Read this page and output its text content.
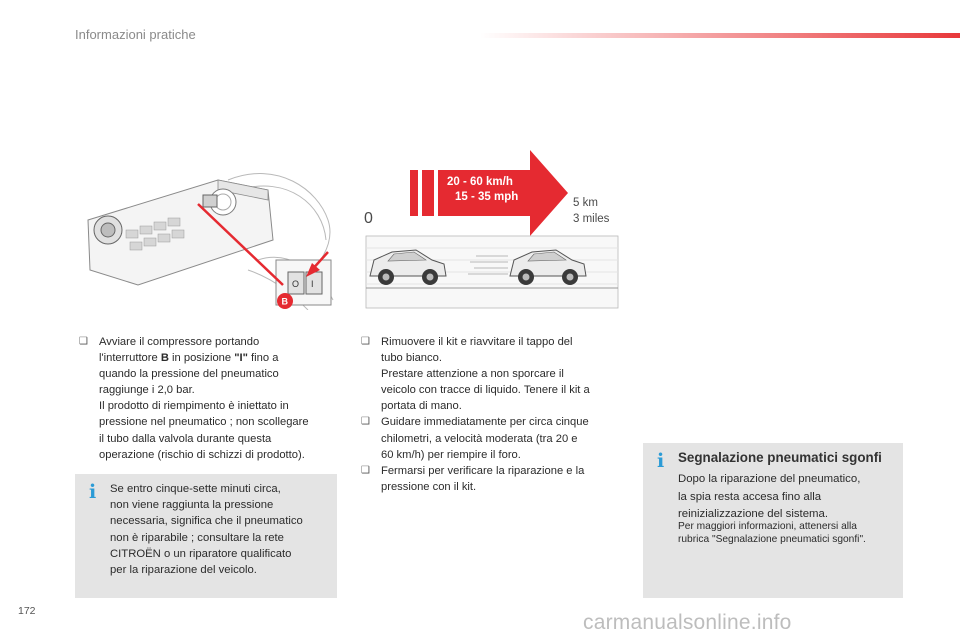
Informazioni pratiche
O I
B
20 - 60 km/h
15 - 35 mph
0
5 km
3 miles
❑ Avviare il compressore portando
l'interruttore B in posizione "I" fino a
quando la pressione del pneumatico
raggiunge i 2,0 bar.
Il prodotto di riempimento è iniettato in
pressione nel pneumatico ; non scollegare
il tubo dalla valvola durante questa
operazione (rischio di schizzi di prodotto).

i Se entro cinque-sette minuti circa,
non viene raggiunta la pressione
necessaria, significa che il pneumatico
non è riparabile ; consultare la rete
CITROËN o un riparatore qualificato
per la riparazione del veicolo.
❑ Rimuovere il kit e riavvitare il tappo del
tubo bianco.
Prestare attenzione a non sporcare il
veicolo con tracce di liquido. Tenere il kit a
portata di mano.

❑ Guidare immediatamente per circa cinque
chilometri, a velocità moderata (tra 20 e
60 km/h) per riempire il foro.

❑ Fermarsi per verificare la riparazione e la
pressione con il kit.

i Segnalazione pneumatici sgonfi
Dopo la riparazione del pneumatico,
la spia resta accesa fino alla
reinizializzazione del sistema.
Per maggiori informazioni, attenersi alla
rubrica "Segnalazione pneumatici sgonfi".
172	carmanualsonline.info
